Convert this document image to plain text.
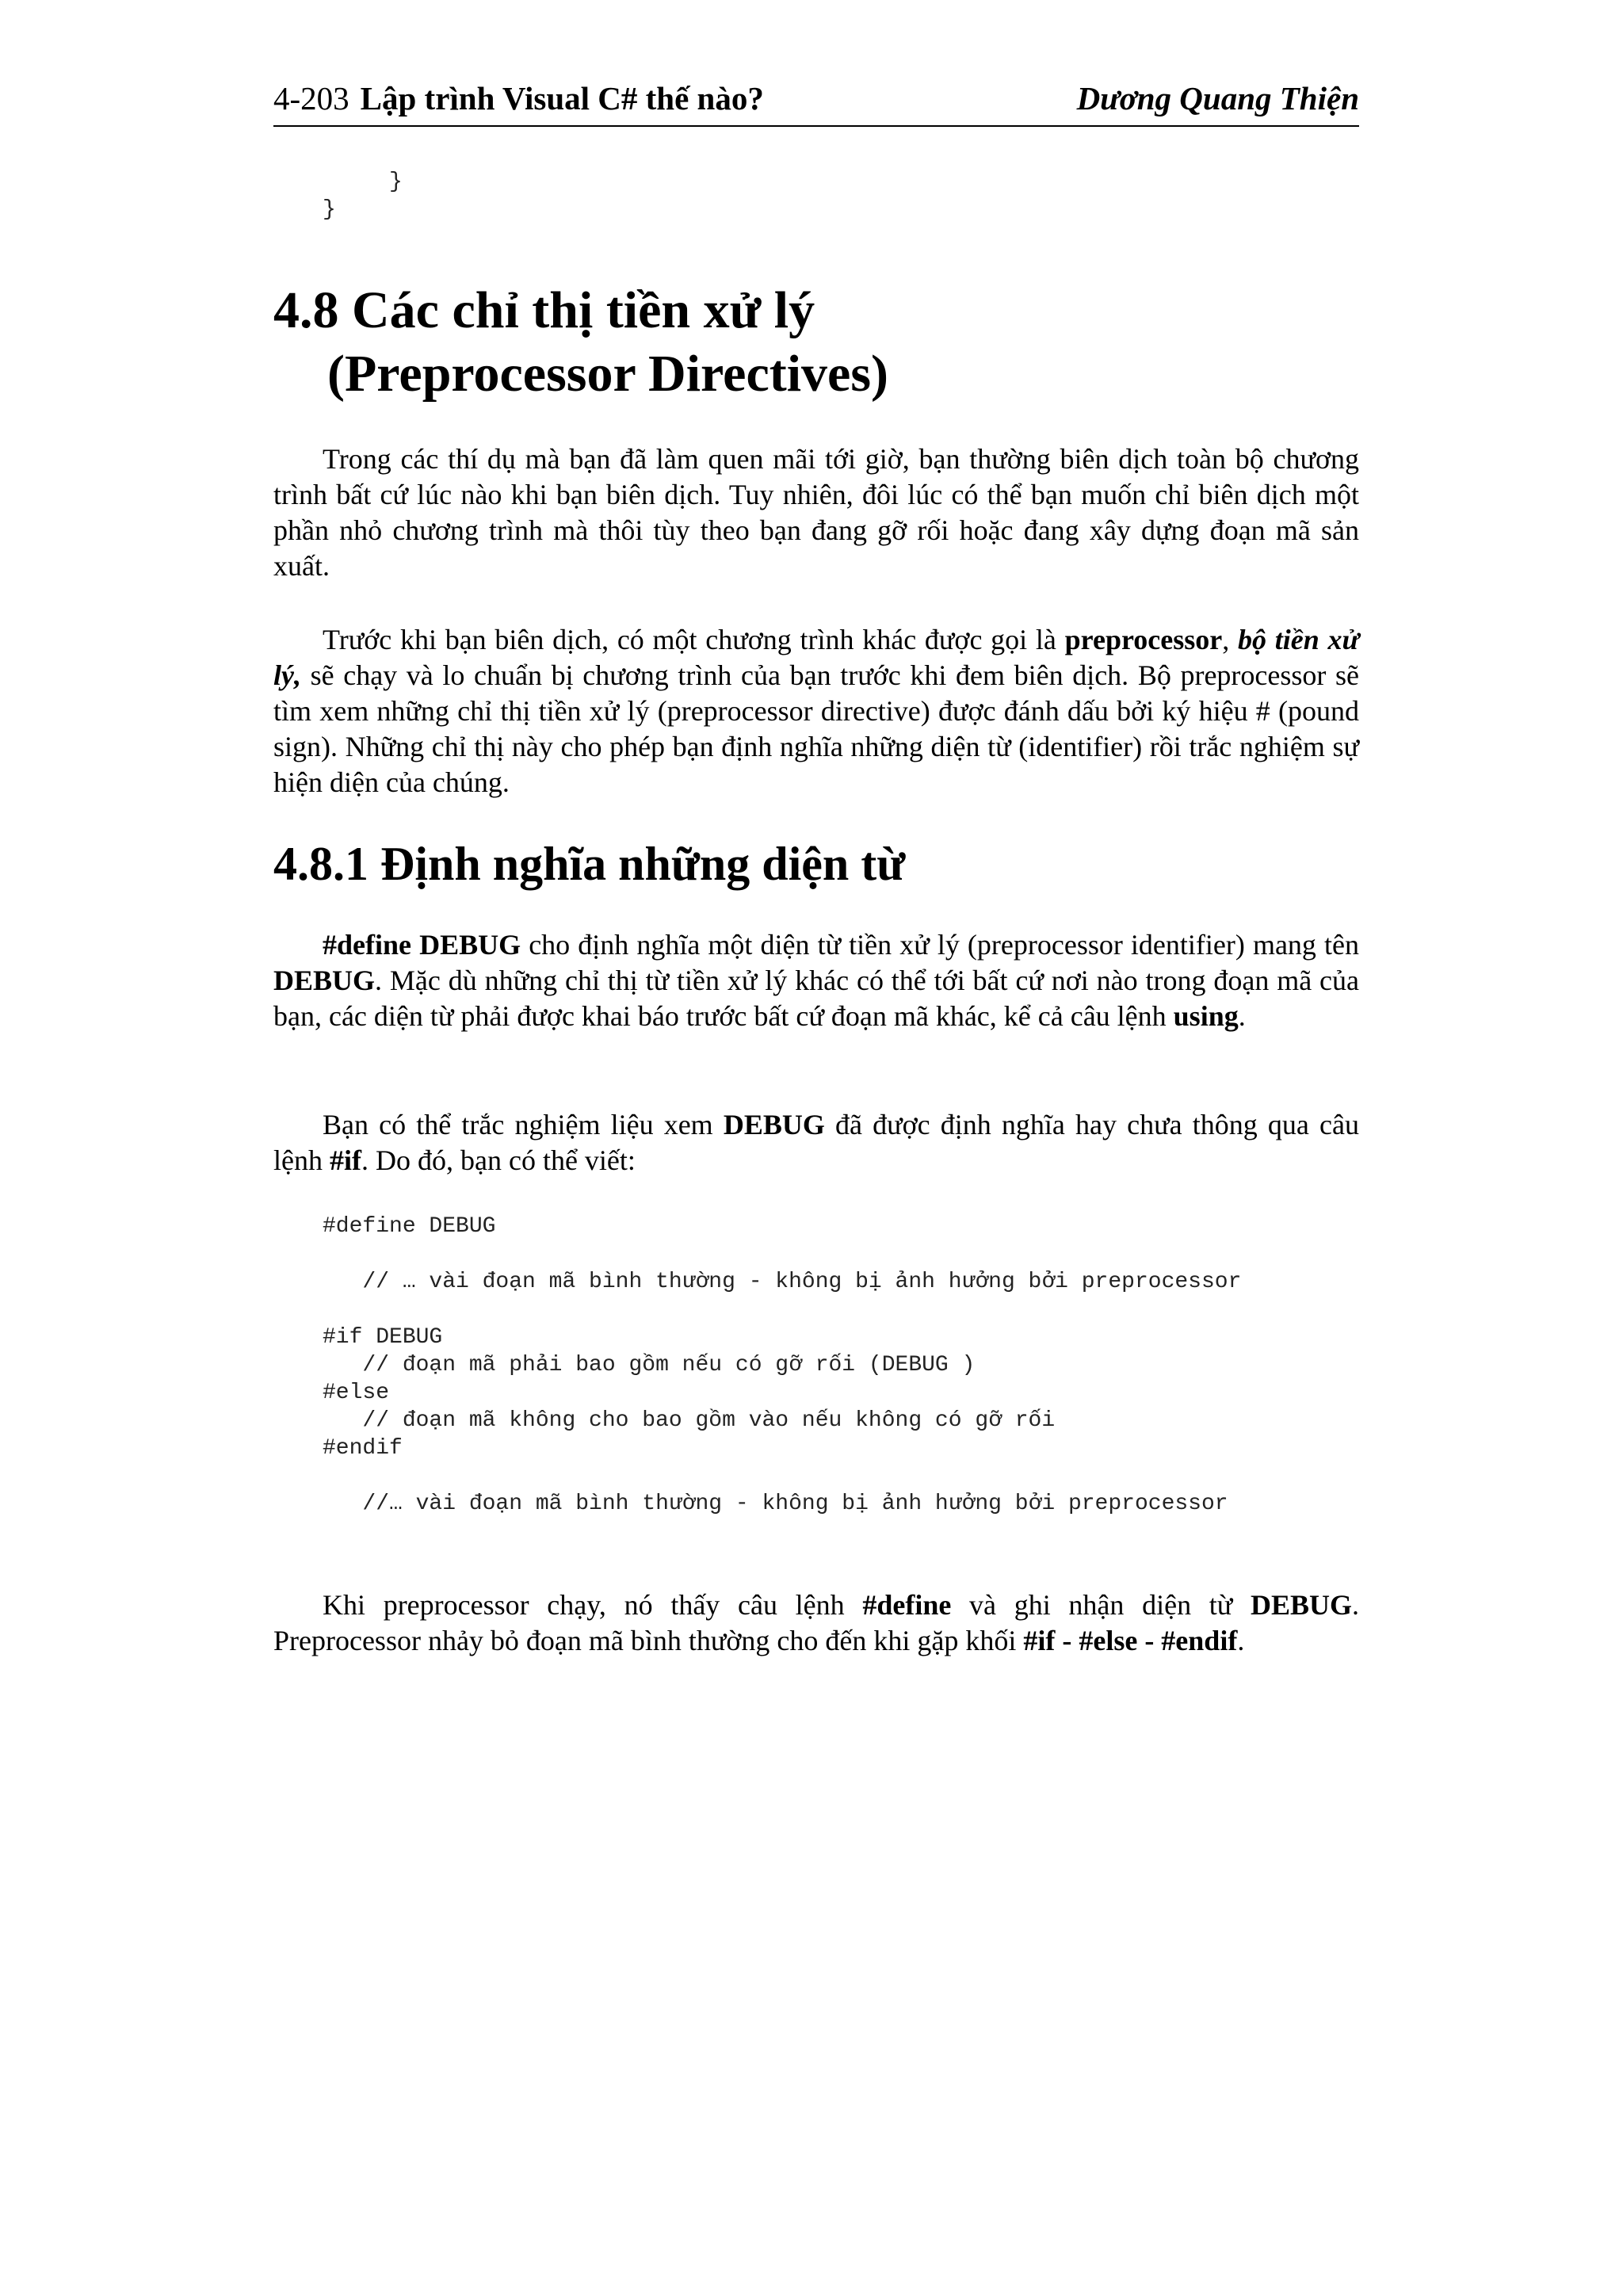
4-203 Lập trình Visual C# thế nào?	Dương Quang Thiện
}
}
4.8 Các chỉ thị tiền xử lý
(Preprocessor Directives)

Trong các thí dụ mà bạn đã làm quen mãi tới giờ, bạn thường biên dịch toàn bộ chương trình bất cứ lúc nào khi bạn biên dịch. Tuy nhiên, đôi lúc có thể bạn muốn chỉ biên dịch một phần nhỏ chương trình mà thôi tùy theo bạn đang gỡ rối hoặc đang xây dựng đoạn mã sản xuất.

Trước khi bạn biên dịch, có một chương trình khác được gọi là preprocessor, bộ tiền xử lý, sẽ chạy và lo chuẩn bị chương trình của bạn trước khi đem biên dịch. Bộ preprocessor sẽ tìm xem những chỉ thị tiền xử lý (preprocessor directive) được đánh dấu bởi ký hiệu # (pound sign). Những chỉ thị này cho phép bạn định nghĩa những diện từ (identifier) rồi trắc nghiệm sự hiện diện của chúng.

4.8.1 Định nghĩa những diện từ

#define DEBUG cho định nghĩa một diện từ tiền xử lý (preprocessor identifier) mang tên DEBUG. Mặc dù những chỉ thị từ tiền xử lý khác có thể tới bất cứ nơi nào trong đoạn mã của bạn, các diện từ phải được khai báo trước bất cứ đoạn mã khác, kể cả câu lệnh using.

Bạn có thể trắc nghiệm liệu xem DEBUG đã được định nghĩa hay chưa thông qua câu lệnh #if. Do đó, bạn có thể viết:

#define DEBUG

// … vài đoạn mã bình thường - không bị ảnh hưởng bởi preprocessor

#if DEBUG
// đoạn mã phải bao gồm nếu có gỡ rối (DEBUG )
#else
// đoạn mã không cho bao gồm vào nếu không có gỡ rối
#endif

//… vài đoạn mã bình thường - không bị ảnh hưởng bởi preprocessor

Khi preprocessor chạy, nó thấy câu lệnh #define và ghi nhận diện từ DEBUG. Preprocessor nhảy bỏ đoạn mã bình thường cho đến khi gặp khối #if - #else - #endif.
